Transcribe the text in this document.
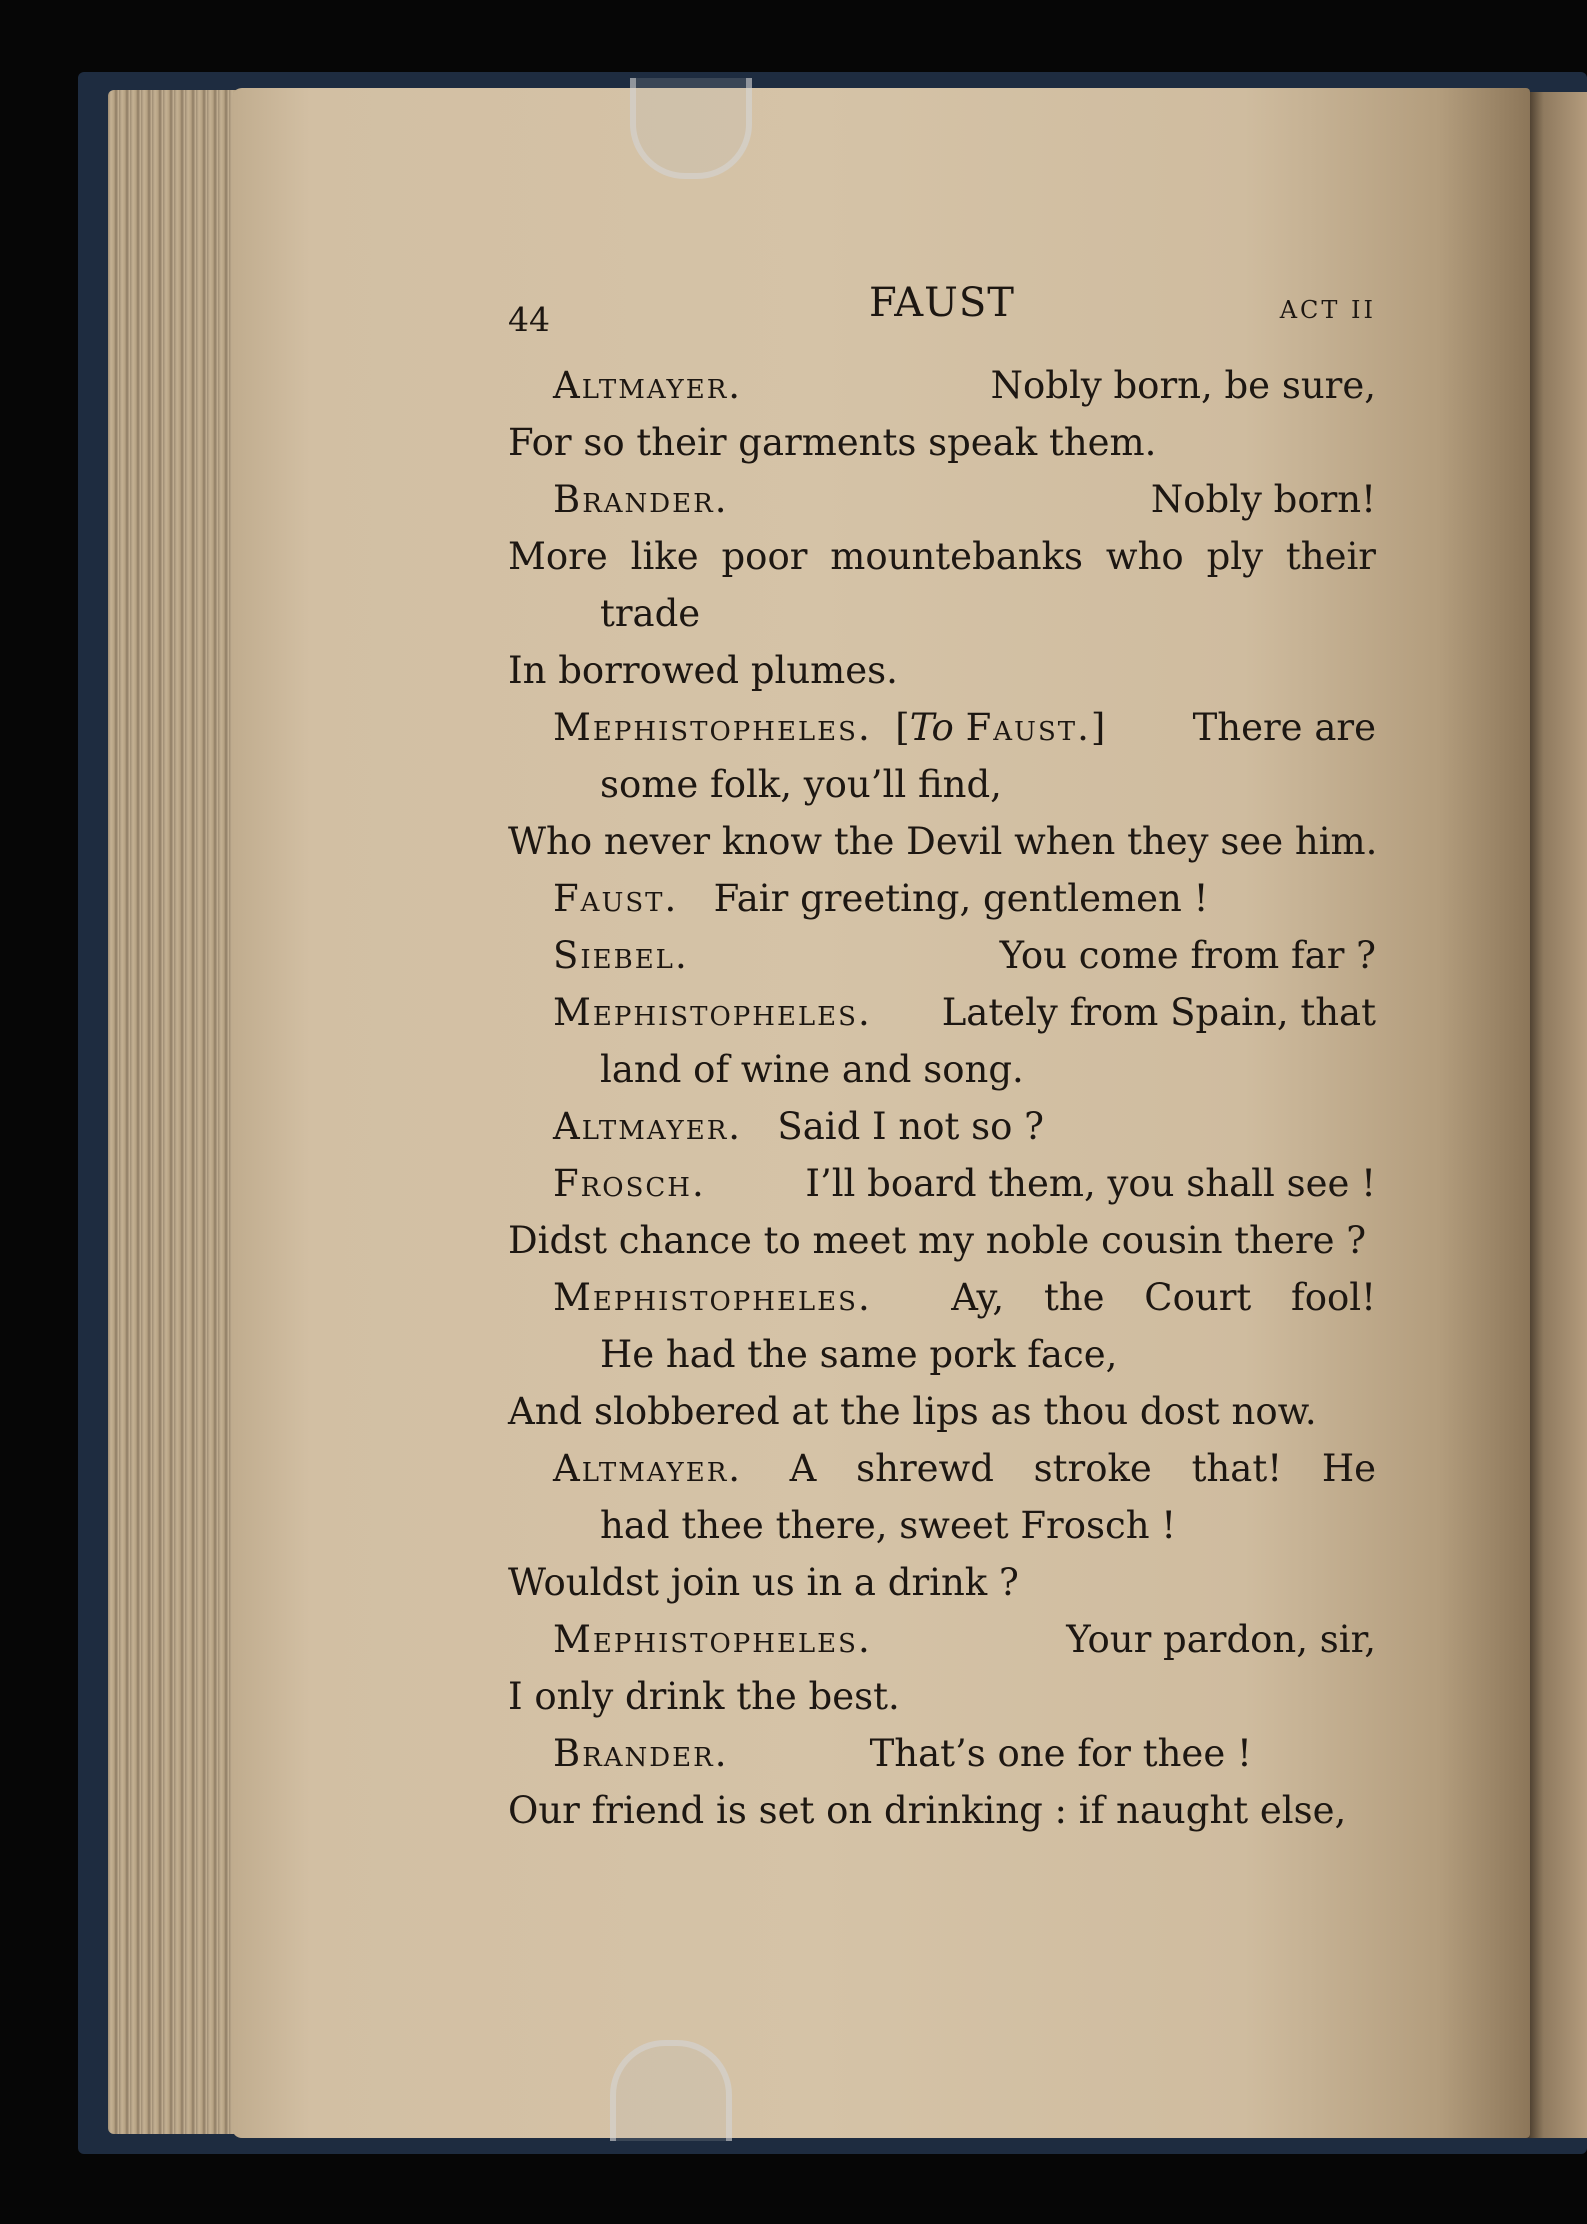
44	FAUST	ACT II
Altmayer.	Nobly born, be sure,
For so their garments speak them.
Brander.	Nobly born!
More like poor mountebanks who ply their
trade
In borrowed plumes.
Mephistopheles. [To Faust.] There are
some folk, you’ll find,
Who never know the Devil when they see him.
Faust. Fair greeting, gentlemen !
Siebel.	You come from far ?
Mephistopheles. Lately from Spain, that
land of wine and song.
Altmayer. Said I not so ?
Frosch.	I’ll board them, you shall see !
Didst chance to meet my noble cousin there ?
Mephistopheles. Ay, the Court fool!
He had the same pork face,
And slobbered at the lips as thou dost now.
Altmayer. A shrewd stroke that! He
had thee there, sweet Frosch !
Wouldst join us in a drink ?
Mephistopheles.	Your pardon, sir,
I only drink the best.
Brander.	That’s one for thee !
Our friend is set on drinking : if naught else,
